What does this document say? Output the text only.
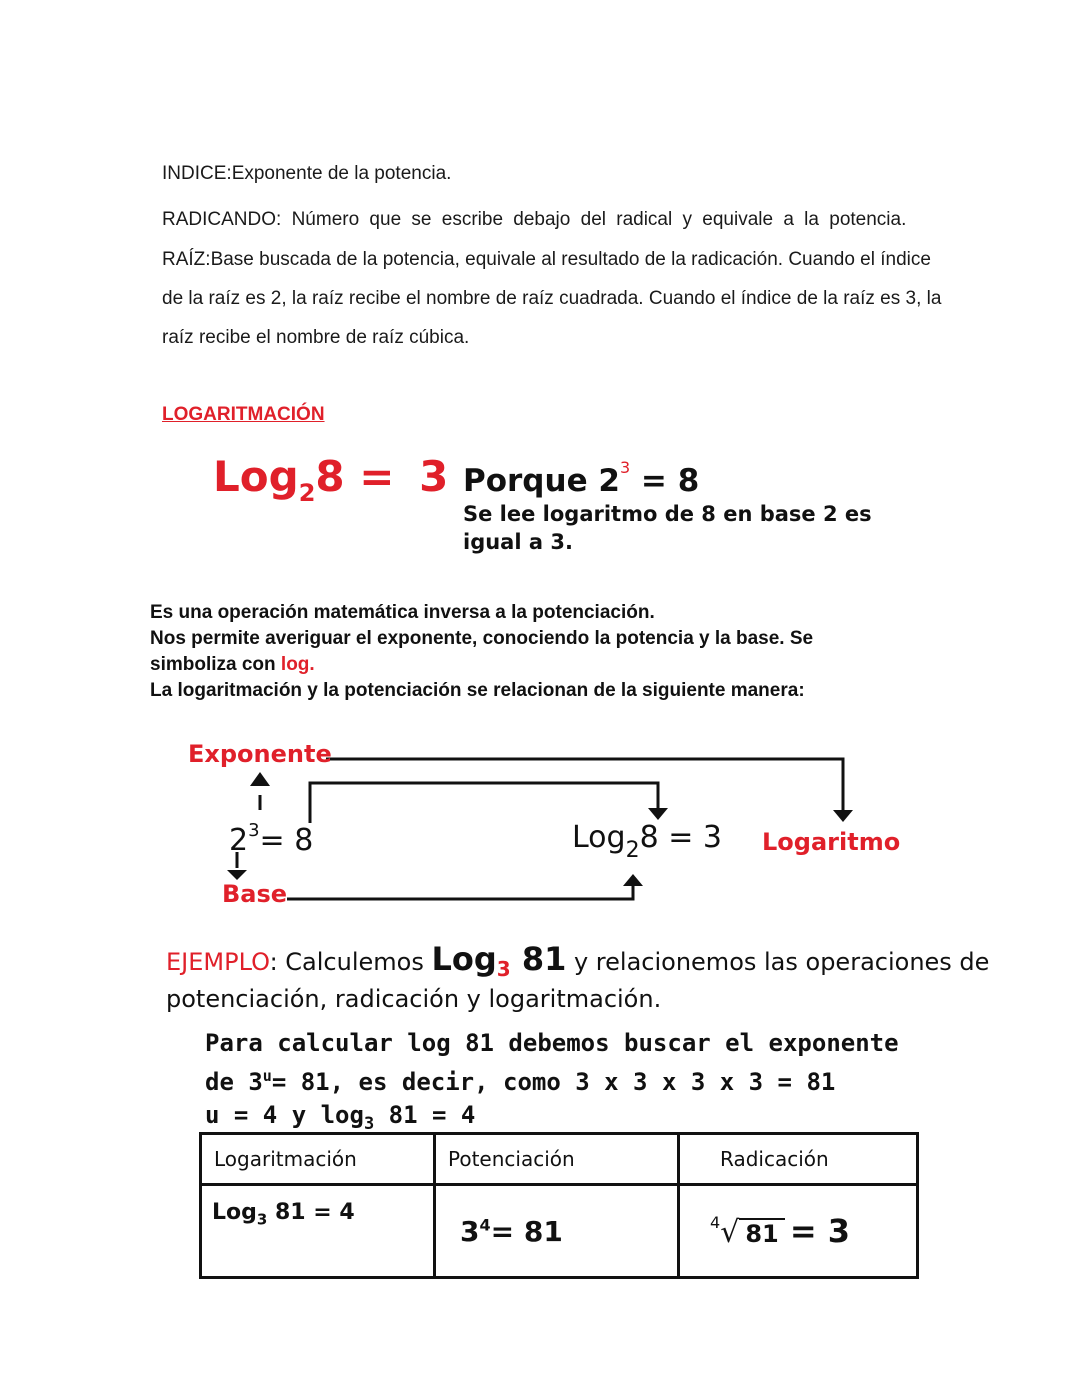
INDICE:Exponente de la potencia.
RADICANDO: Número que se escribe debajo del radical y equivale a la potencia.
RAÍZ:Base buscada de la potencia, equivale al resultado de la radicación. Cuando el índice
de la raíz es 2, la raíz recibe el nombre de raíz cuadrada. Cuando el índice de la raíz es 3, la
raíz recibe el nombre de raíz cúbica.
LOGARITMACIÓN
Log$_2$8 = 3 Porque $2^3 = 8$
Se lee logaritmo de 8 en base 2 es
igual a 3.
Es una operación matemática inversa a la potenciación.
Nos permite averiguar el exponente, conociendo la potencia y la base. Se
simboliza con log.
La logaritmación y la potenciación se relacionan de la siguiente manera:
Exponente
$2^3= 8$
Base
Log$_2$8 = 3 Logaritmo
EJEMPLO: Calculemos Log$_3$ 81 y relacionemos las operaciones de
potenciación, radicación y logaritmación.
Para calcular log 81 debemos buscar el exponente
de $3^u= 81$, es decir, como 3 x 3 x 3 x 3 = 81
u = 4 y $\log_3 81 = 4$
Logaritmación	Potenciación	Radicación
Log$_3$ 81 = 4	$3^4= 81$	4√ 81 = 3
